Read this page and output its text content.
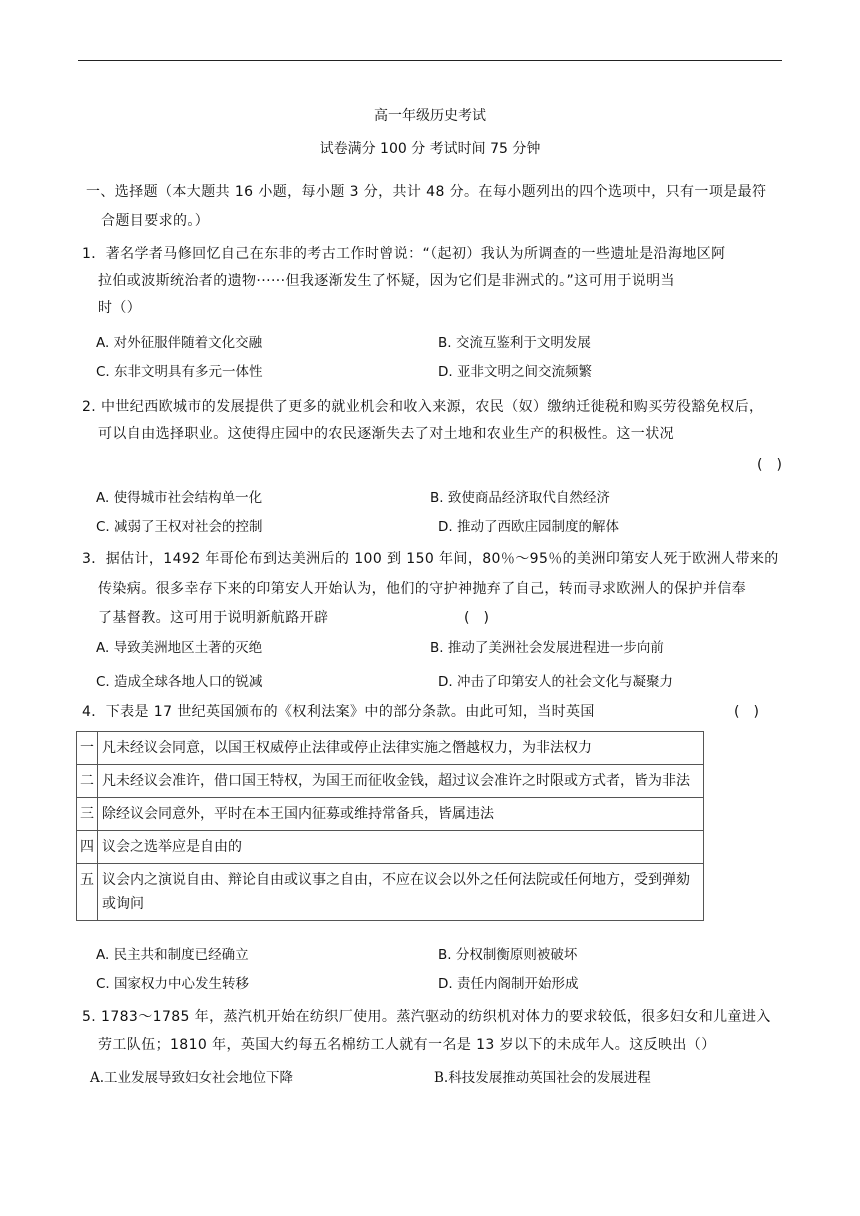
高一年级历史考试
试卷满分 100 分 考试时间 75 分钟
一、选择题（本大题共 16 小题，每小题 3 分，共计 48 分。在每小题列出的四个选项中，只有一项是最符
合题目要求的。）
1．著名学者马修回忆自己在东非的考古工作时曾说：“（起初）我认为所调查的一些遗址是沿海地区阿
拉伯或波斯统治者的遗物······但我逐渐发生了怀疑，因为它们是非洲式的。”这可用于说明当
时（）
A. 对外征服伴随着文化交融	B. 交流互鉴利于文明发展
C. 东非文明具有多元一体性	D. 亚非文明之间交流频繁
2. 中世纪西欧城市的发展提供了更多的就业机会和收入来源，农民（奴）缴纳迁徙税和购买劳役豁免权后，
可以自由选择职业。这使得庄园中的农民逐渐失去了对土地和农业生产的积极性。这一状况
(　)
A. 使得城市社会结构单一化	B. 致使商品经济取代自然经济
C. 减弱了王权对社会的控制	D. 推动了西欧庄园制度的解体
3．据估计，1492 年哥伦布到达美洲后的 100 到 150 年间，80％～95％的美洲印第安人死于欧洲人带来的
传染病。很多幸存下来的印第安人开始认为，他们的守护神抛弃了自己，转而寻求欧洲人的保护并信奉
了基督教。这可用于说明新航路开辟	(　)
A. 导致美洲地区土著的灭绝	B. 推动了美洲社会发展进程进一步向前
C. 造成全球各地人口的锐减	D. 冲击了印第安人的社会文化与凝聚力
4．下表是 17 世纪英国颁布的《权利法案》中的部分条款。由此可知，当时英国	(　)
一	凡未经议会同意，以国王权威停止法律或停止法律实施之僭越权力，为非法权力
二	凡未经议会准许，借口国王特权，为国王而征收金钱，超过议会准许之时限或方式者，皆为非法
三	除经议会同意外，平时在本王国内征募或维持常备兵，皆属违法
四	议会之选举应是自由的
五	议会内之演说自由、辩论自由或议事之自由，不应在议会以外之任何法院或任何地方，受到弹劾或询问
A. 民主共和制度已经确立	B. 分权制衡原则被破坏
C. 国家权力中心发生转移	D. 责任内阁制开始形成
5. 1783～1785 年，蒸汽机开始在纺织厂使用。蒸汽驱动的纺织机对体力的要求较低，很多妇女和儿童进入
劳工队伍；1810 年，英国大约每五名棉纺工人就有一名是 13 岁以下的未成年人。这反映出（）
A.工业发展导致妇女社会地位下降	B.科技发展推动英国社会的发展进程
